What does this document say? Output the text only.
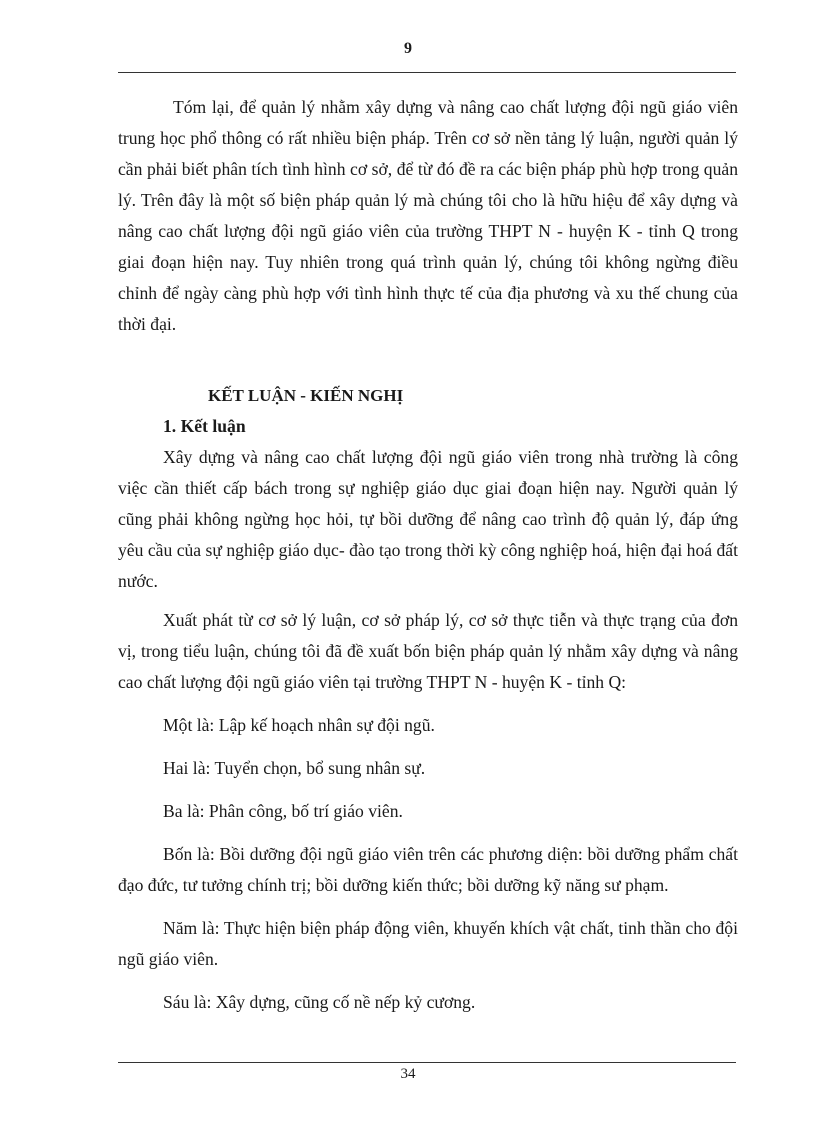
9

Tóm lại, để quản lý nhằm xây dựng và nâng cao chất lượng đội ngũ giáo viên trung học phổ thông có rất nhiều biện pháp. Trên cơ sở nền tảng lý luận, người quản lý cần phải biết phân tích tình hình cơ sở, để từ đó đề ra các biện pháp phù hợp trong quản lý. Trên đây là một số biện pháp quản lý mà chúng tôi cho là hữu hiệu để xây dựng và nâng cao chất lượng đội ngũ giáo viên của trường THPT N - huyện K - tỉnh Q trong giai đoạn hiện nay. Tuy nhiên trong quá trình quản lý, chúng tôi không ngừng điều chỉnh để ngày càng phù hợp với tình hình thực tế của địa phương và xu thế chung của thời đại.

KẾT LUẬN - KIẾN NGHỊ

1. Kết luận

Xây dựng và nâng cao chất lượng đội ngũ giáo viên trong nhà trường là công việc cần thiết cấp bách trong sự nghiệp giáo dục giai đoạn hiện nay. Người quản lý cũng phải không ngừng học hỏi, tự bồi dưỡng để nâng cao trình độ quản lý, đáp ứng yêu cầu của sự nghiệp giáo dục- đào tạo trong thời kỳ công nghiệp hoá, hiện đại hoá đất nước.

Xuất phát từ cơ sở lý luận, cơ sở pháp lý, cơ sở thực tiễn và thực trạng của đơn vị, trong tiểu luận, chúng tôi đã đề xuất bốn biện pháp quản lý nhằm xây dựng và nâng cao chất lượng đội ngũ giáo viên tại trường THPT N - huyện K - tỉnh Q:

Một là: Lập kế hoạch nhân sự đội ngũ.

Hai là: Tuyển chọn, bổ sung nhân sự.

Ba là: Phân công, bố trí giáo viên.

Bốn là: Bồi dưỡng đội ngũ giáo viên trên các phương diện: bồi dưỡng phẩm chất đạo đức, tư tưởng chính trị; bồi dưỡng kiến thức; bồi dưỡng kỹ năng sư phạm.

Năm là: Thực hiện biện pháp động viên, khuyến khích vật chất, tinh thần cho đội ngũ giáo viên.

Sáu là: Xây dựng, cũng cố nề nếp kỷ cương.

34
